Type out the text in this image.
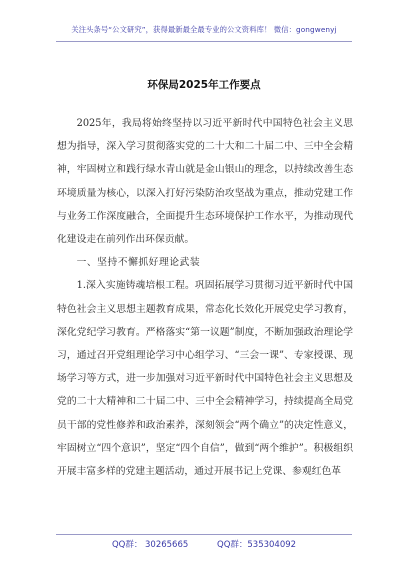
关注头条号“公文研究”，获得最新最全最专业的公文资料库！ 微信：gongwenyj
环保局2025年工作要点

2025年，我局将始终坚持以习近平新时代中国特色社会主义思想为指导，深入学习贯彻落实党的二十大和二十届二中、三中全会精神，牢固树立和践行绿水青山就是金山银山的理念，以持续改善生态环境质量为核心，以深入打好污染防治攻坚战为重点，推动党建工作与业务工作深度融合，全面提升生态环境保护工作水平，为推动现代化建设走在前列作出环保贡献。

一、坚持不懈抓好理论武装

1.深入实施铸魂培根工程。巩固拓展学习贯彻习近平新时代中国特色社会主义思想主题教育成果，常态化长效化开展党史学习教育，深化党纪学习教育。严格落实“第一议题”制度，不断加强政治理论学习，通过召开党组理论学习中心组学习、“三会一课”、专家授课、现场学习等方式，进一步加强对习近平新时代中国特色社会主义思想及党的二十大精神和二十届二中、三中全会精神学习，持续提高全局党员干部的党性修养和政治素养，深刻领会“两个确立”的决定性意义，牢固树立“四个意识”，坚定“四个自信”，做到“两个维护”。积极组织开展丰富多样的党建主题活动，通过开展书记上党课、参观红色革

QQ群： 30265665	QQ群：535304092
